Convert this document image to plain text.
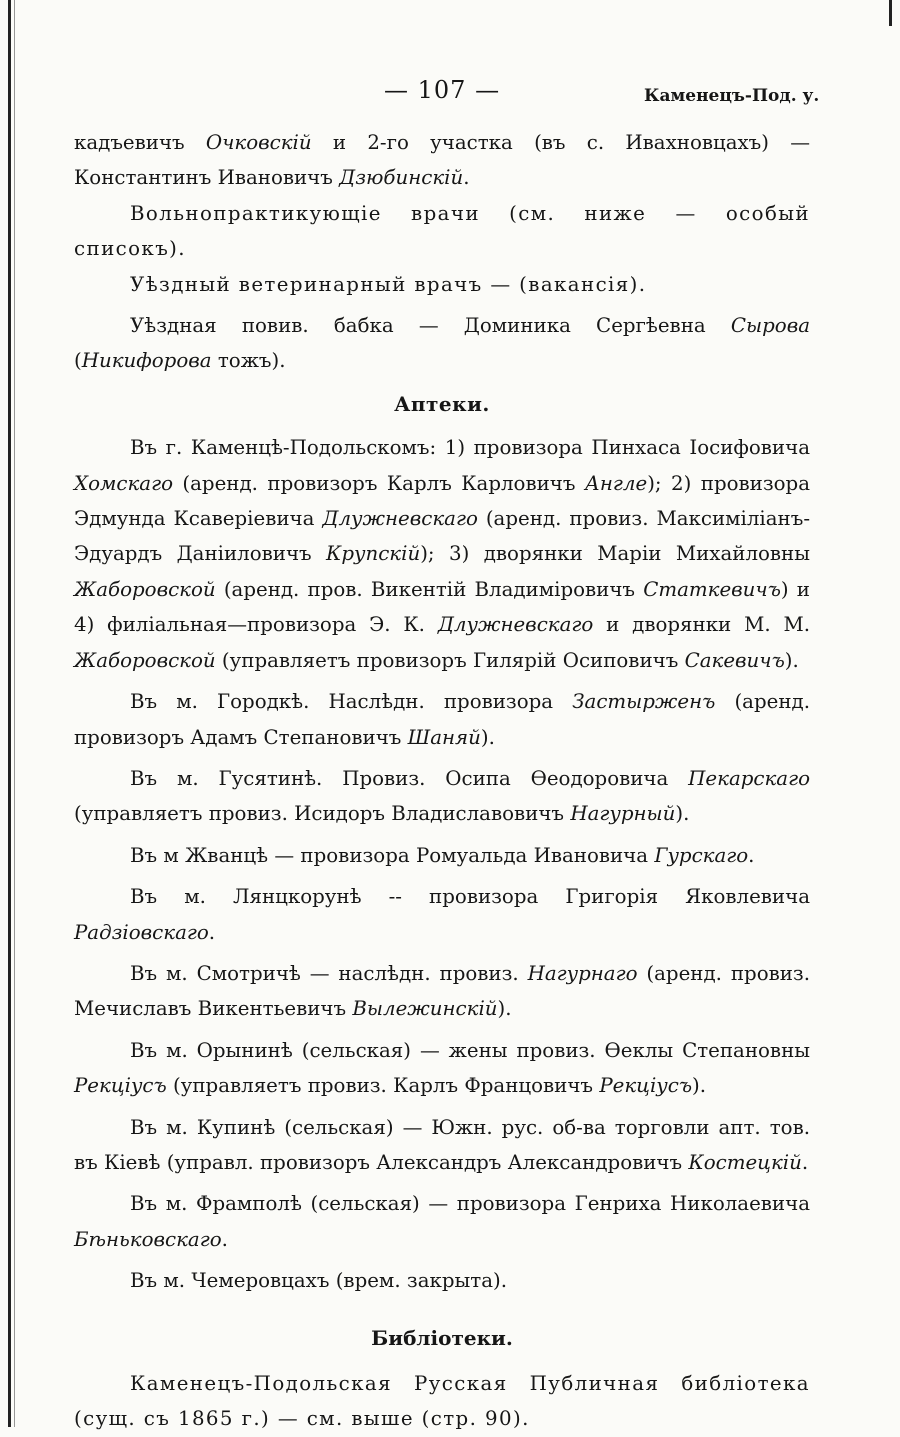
— 107 —	Каменецъ-Под. у.

кадъевичъ Очковскій и 2-го участка (въ с. Ивахновцахъ) — Константинъ Ивановичъ Дзюбинскій.

Вольнопрактикующіе врачи (см. ниже — особый списокъ).

Уѣздный ветеринарный врачъ — (вакансія).

Уѣздная повив. бабка — Доминика Сергѣевна Сырова (Никифорова тожъ).

Аптеки.

Въ г. Каменцѣ-Подольскомъ: 1) провизора Пинхаса Іосифовича Хомскаго (аренд. провизоръ Карлъ Карловичъ Англе); 2) провизора Эдмунда Ксаверіевича Длужневскаго (аренд. провиз. Максиміліанъ-Эдуардъ Даніиловичъ Крупскій); 3) дворянки Маріи Михайловны Жаборовской (аренд. пров. Викентій Владиміровичъ Статкевичъ) и 4) филіальная—провизора Э. К. Длужневскаго и дворянки М. М. Жаборовской (управляетъ провизоръ Гилярій Осиповичъ Сакевичъ).

Въ м. Городкѣ. Наслѣдн. провизора Застырженъ (аренд. провизоръ Адамъ Степановичъ Шаняй).

Въ м. Гусятинѣ. Провиз. Осипа Ѳеодоровича Пекарскаго (управляетъ провиз. Исидоръ Владиславовичъ Нагурный).

Въ м Жванцѣ — провизора Ромуальда Ивановича Гурскаго.

Въ м. Лянцкорунѣ -- провизора Григорія Яковлевича Радзіовскаго.

Въ м. Смотричѣ — наслѣдн. провиз. Нагурнаго (аренд. провиз. Мечиславъ Викентьевичъ Вылежинскій).

Въ м. Орынинѣ (сельская) — жены провиз. Ѳеклы Степановны Рекціусъ (управляетъ провиз. Карлъ Францовичъ Рекціусъ).

Въ м. Купинѣ (сельская) — Южн. рус. об-ва торговли апт. тов. въ Кіевѣ (управл. провизоръ Александръ Александровичъ Костецкій.

Въ м. Фрамполѣ (сельская) — провизора Генриха Николаевича Бѣньковскаго.

Въ м. Чемеровцахъ (врем. закрыта).

Библіотеки.

Каменецъ-Подольская Русская Публичная библіотека (сущ. съ 1865 г.) — см. выше (стр. 90).
